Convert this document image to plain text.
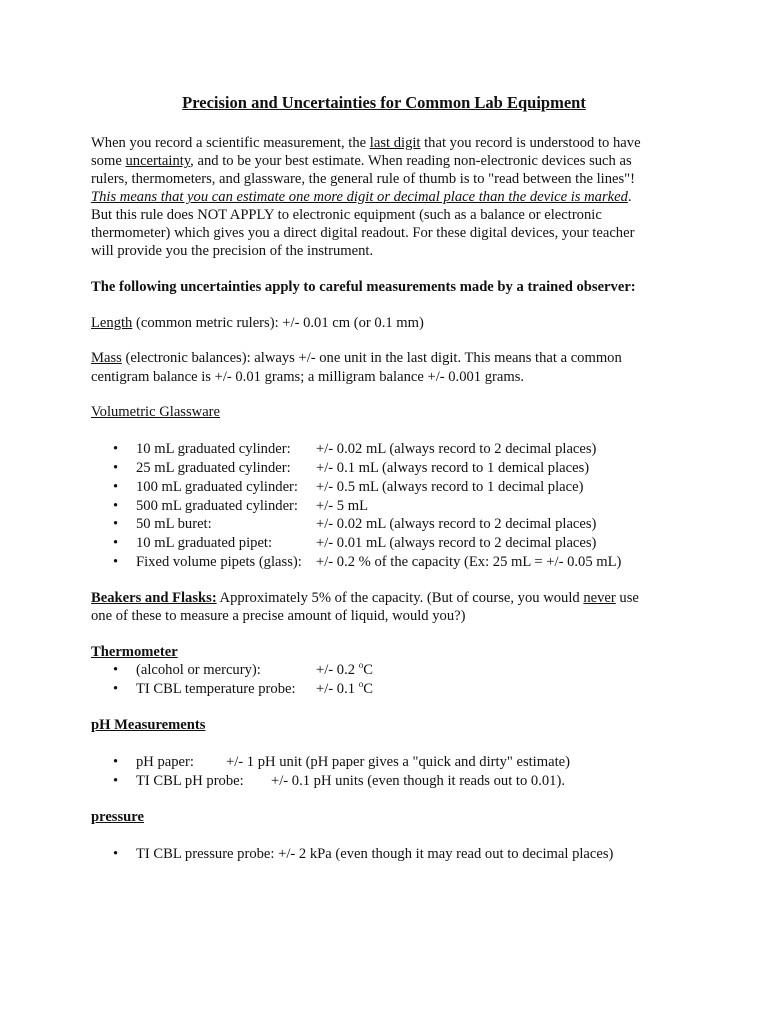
Precision and Uncertainties for Common Lab Equipment
When you record a scientific measurement, the last digit that you record is understood to have
some uncertainty, and to be your best estimate. When reading non-electronic devices such as
rulers, thermometers, and glassware, the general rule of thumb is to "read between the lines"!
This means that you can estimate one more digit or decimal place than the device is marked.
But this rule does NOT APPLY to electronic equipment (such as a balance or electronic
thermometer) which gives you a direct digital readout. For these digital devices, your teacher
will provide you the precision of the instrument.
The following uncertainties apply to careful measurements made by a trained observer:
Length (common metric rulers): +/- 0.01 cm (or 0.1 mm)
Mass (electronic balances): always +/- one unit in the last digit. This means that a common
centigram balance is +/- 0.01 grams; a milligram balance +/- 0.001 grams.
Volumetric Glassware
• 10 mL graduated cylinder: +/- 0.02 mL (always record to 2 decimal places)
• 25 mL graduated cylinder: +/- 0.1 mL (always record to 1 demical places)
• 100 mL graduated cylinder: +/- 0.5 mL (always record to 1 decimal place)
• 500 mL graduated cylinder: +/- 5 mL
• 50 mL buret:	+/- 0.02 mL (always record to 2 decimal places)
• 10 mL graduated pipet:	+/- 0.01 mL (always record to 2 decimal places)
• Fixed volume pipets (glass): +/- 0.2 % of the capacity (Ex: 25 mL = +/- 0.05 mL)
Beakers and Flasks: Approximately 5% of the capacity. (But of course, you would never use
one of these to measure a precise amount of liquid, would you?)
Thermometer
• (alcohol or mercury):	+/- 0.2 $^o$C
• TI CBL temperature probe: +/- 0.1 $^o$C
pH Measurements
• pH paper: +/- 1 pH unit (pH paper gives a "quick and dirty" estimate)
• TI CBL pH probe: +/- 0.1 pH units (even though it reads out to 0.01).
pressure
• TI CBL pressure probe: +/- 2 kPa (even though it may read out to decimal places)
